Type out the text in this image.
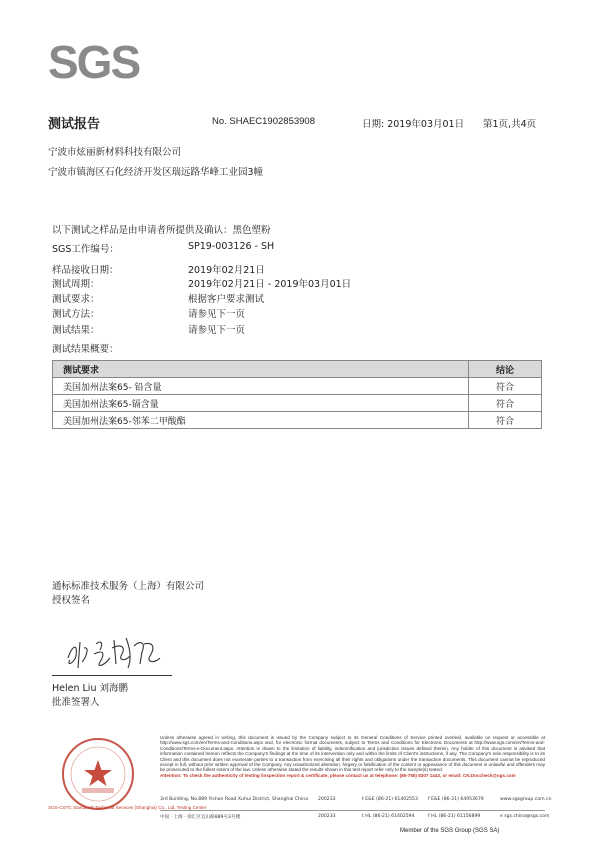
SGS
测试报告	No. SHAEC1902853908	日期: 2019年03月01日 第1页,共4页
宁波市炫丽新材料科技有限公司
宁波市镇海区石化经济开发区瑞远路华峰工业园3幢
以下测试之样品是由申请者所提供及确认：黑色塑粉
SGS工作编号：	SP19-003126 - SH
样品接收日期：	2019年02月21日
测试周期：	2019年02月21日 - 2019年03月01日
测试要求：	根据客户要求测试
测试方法：	请参见下一页
测试结果：	请参见下一页
测试结果概要：
测试要求	结论
美国加州法案65- 铅含量	符合
美国加州法案65-镉含量	符合
美国加州法案65-邻苯二甲酸酯	符合
通标标准技术服务（上海）有限公司
授权签名
Helen Liu 刘海鹏
批准签署人
SGS-CSTC Standards Technical Services (Shanghai) Co., Ltd. Testing Center
Unless otherwise agreed in writing, this document is issued by the Company subject to its General Conditions of Service printed overleaf, available on request or accessible at http://www.sgs.com/en/Terms-and-Conditions.aspx and, for electronic format documents, subject to Terms and Conditions for Electronic Documents at http://www.sgs.com/en/Terms-and-Conditions/Terms-e-Document.aspx. Attention is drawn to the limitation of liability, indemnification and jurisdiction issues defined therein. Any holder of this document is advised that information contained hereon reflects the Company's findings at the time of its intervention only and within the limits of Client's instructions, if any. The Company's sole responsibility is to its Client and this document does not exonerate parties to a transaction from exercising all their rights and obligations under the transaction documents. This document cannot be reproduced except in full, without prior written approval of the Company. Any unauthorized alteration, forgery or falsification of the content or appearance of this document is unlawful and offenders may be prosecuted to the fullest extent of the law. Unless otherwise stated the results shown in this test report refer only to the sample(s) tested.
Attention: To check the authenticity of testing /inspection report & certificate, please contact us at telephone: (86-755) 8307 1443, or email: CN.Doccheck@sgs.com
3rd Building, No.889 Yishan Road Xuhui District, Shanghai China 200233	t E&E (86-21) 61402553 f E&E (86-21) 64953679	www.sgsgroup.com.cn
中国 · 上海 · 徐汇区宜山路889号3号楼	200233	t HL (86-21) 61402594	f HL (86-21) 61156899	e sgs.china@sgs.com
Member of the SGS Group (SGS SA)
